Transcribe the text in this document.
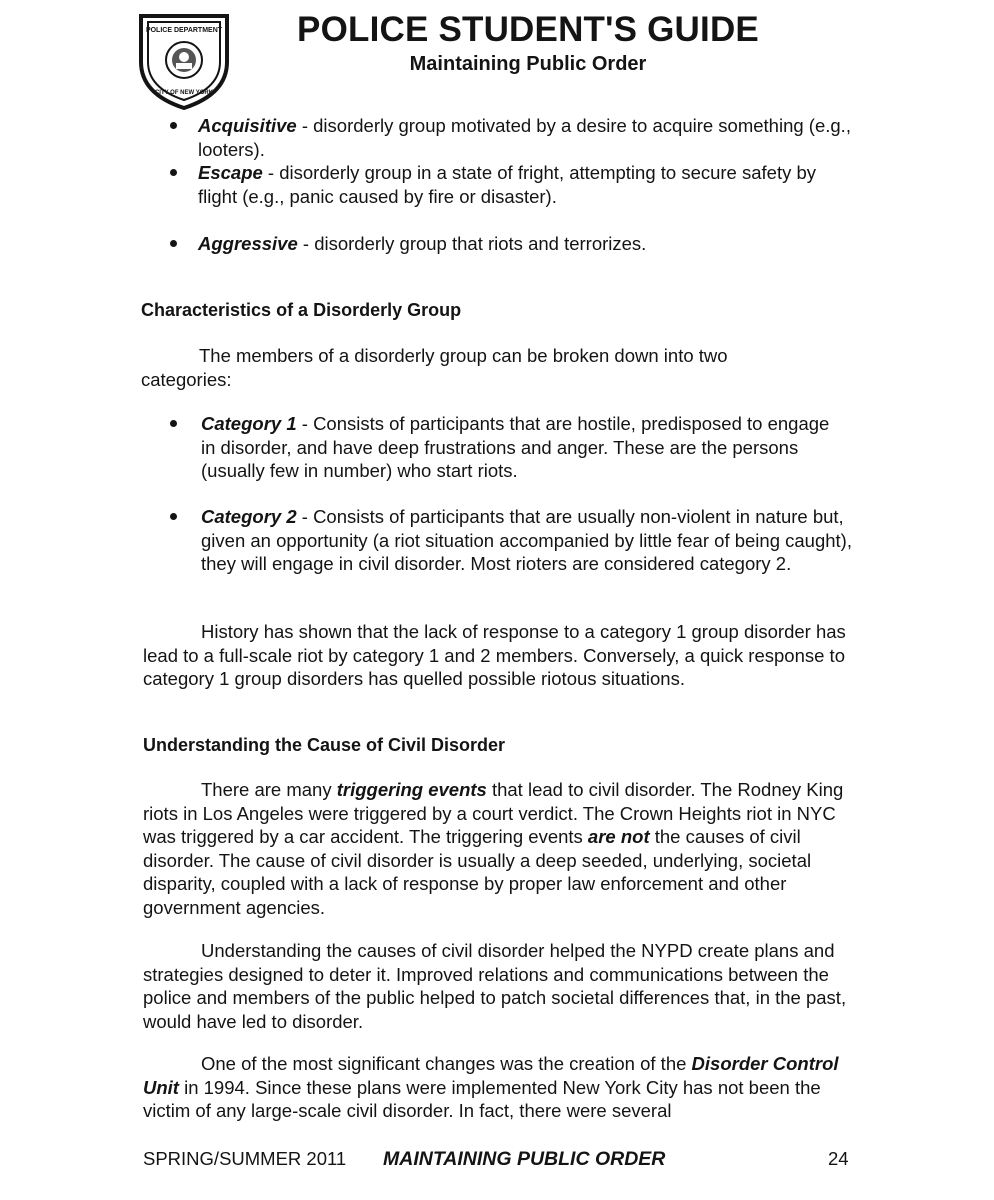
POLICE DEPARTMENT
CITY OF NEW YORK
POLICE STUDENT'S GUIDE
Maintaining Public Order
Acquisitive - disorderly group motivated by a desire to acquire something (e.g., looters).
Escape - disorderly group in a state of fright, attempting to secure safety by flight (e.g., panic caused by fire or disaster).
Aggressive - disorderly group that riots and terrorizes.
Characteristics of a Disorderly Group
The members of a disorderly group can be broken down into two categories:
Category 1 - Consists of participants that are hostile, predisposed to engage in disorder, and have deep frustrations and anger. These are the persons (usually few in number) who start riots.
Category 2 - Consists of participants that are usually non-violent in nature but, given an opportunity (a riot situation accompanied by little fear of being caught), they will engage in civil disorder. Most rioters are considered category 2.
History has shown that the lack of response to a category 1 group disorder has lead to a full-scale riot by category 1 and 2 members. Conversely, a quick response to category 1 group disorders has quelled possible riotous situations.
Understanding the Cause of Civil Disorder
There are many triggering events that lead to civil disorder. The Rodney King riots in Los Angeles were triggered by a court verdict. The Crown Heights riot in NYC was triggered by a car accident. The triggering events are not the causes of civil disorder. The cause of civil disorder is usually a deep seeded, underlying, societal disparity, coupled with a lack of response by proper law enforcement and other government agencies.
Understanding the causes of civil disorder helped the NYPD create plans and strategies designed to deter it. Improved relations and communications between the police and members of the public helped to patch societal differences that, in the past, would have led to disorder.
One of the most significant changes was the creation of the Disorder Control Unit in 1994. Since these plans were implemented New York City has not been the victim of any large-scale civil disorder. In fact, there were several
SPRING/SUMMER 2011 MAINTAINING PUBLIC ORDER	24
